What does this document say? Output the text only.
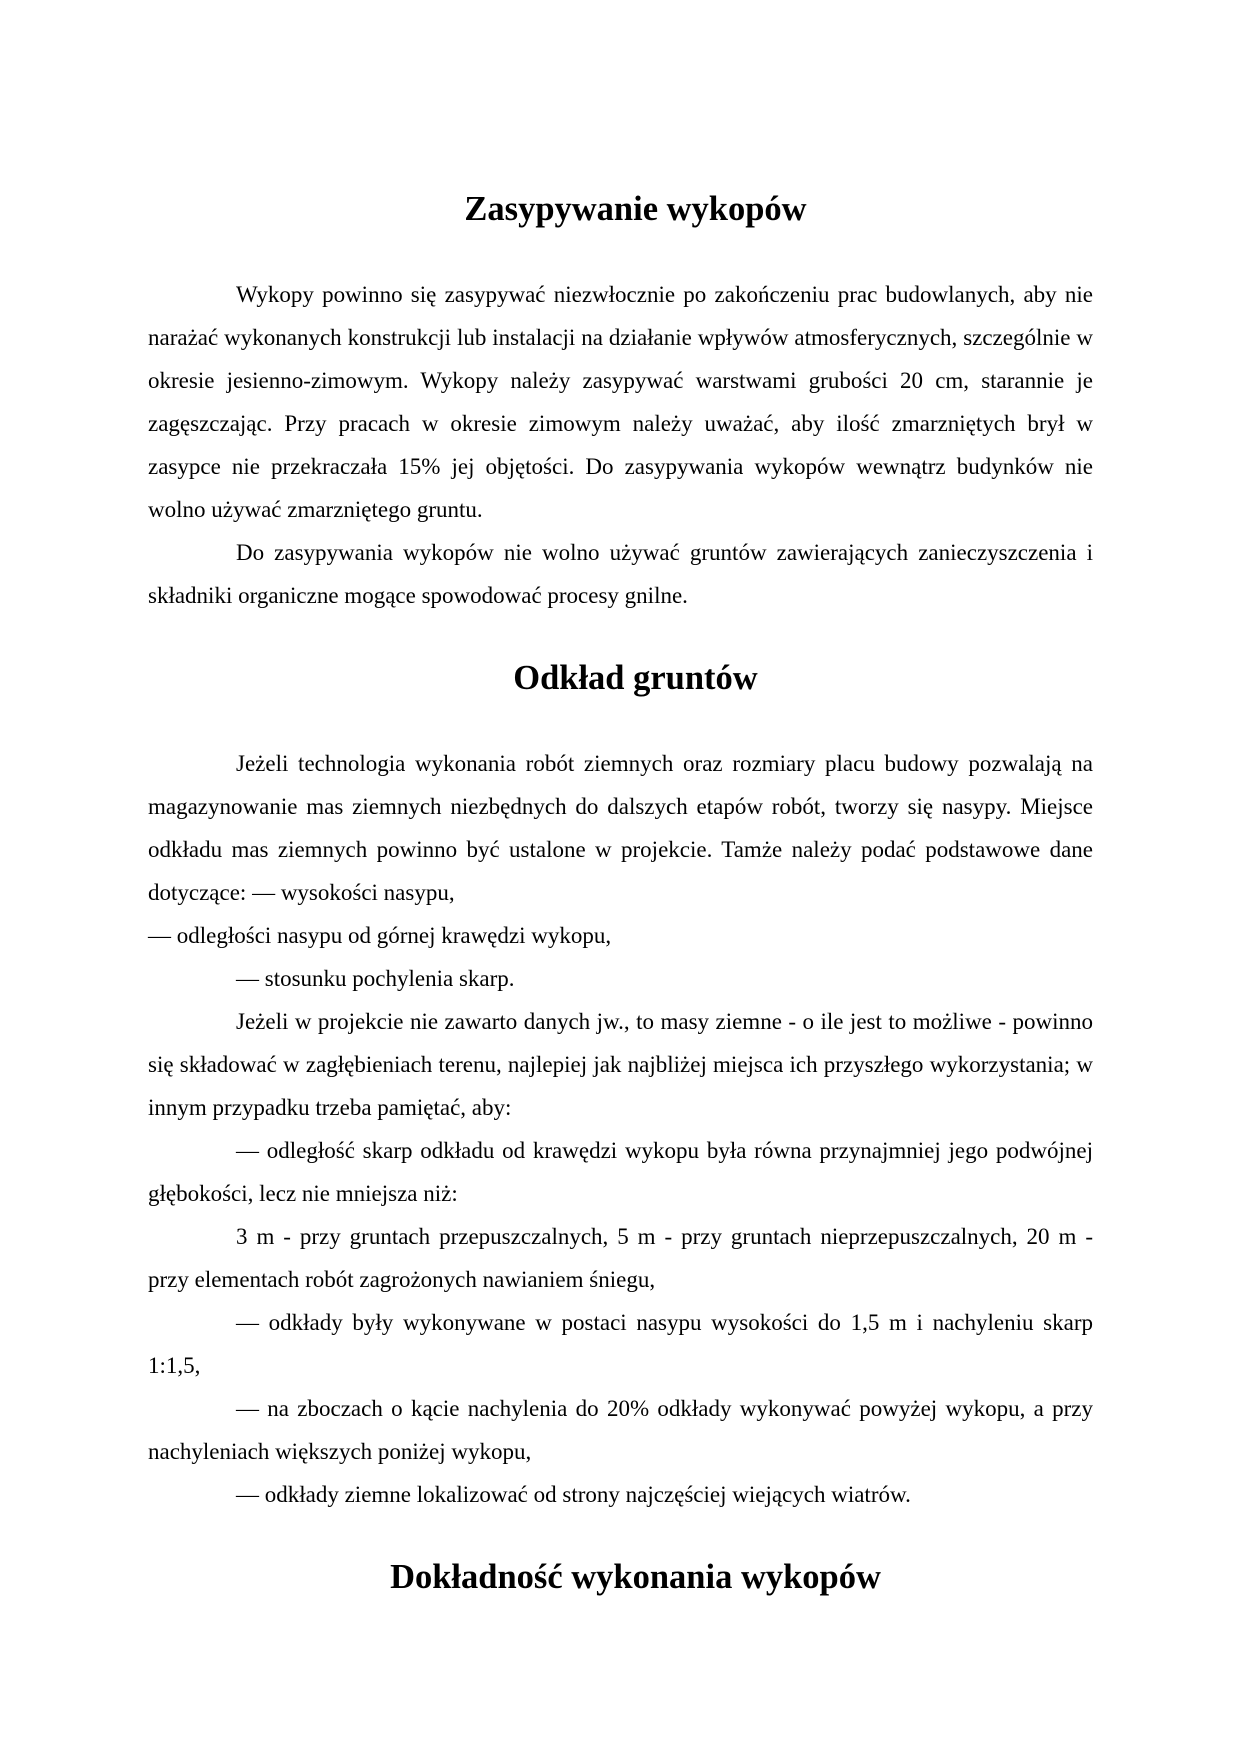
Zasypywanie wykopów

Wykopy powinno się zasypywać niezwłocznie po zakończeniu prac budowlanych, aby nie narażać wykonanych konstrukcji lub instalacji na działanie wpływów atmosferycznych, szczególnie w okresie jesienno-zimowym. Wykopy należy zasypywać warstwami grubości 20 cm, starannie je zagęszczając. Przy pracach w okresie zimowym należy uważać, aby ilość zmarzniętych brył w zasypce nie przekraczała 15% jej objętości. Do zasypywania wykopów wewnątrz budynków nie wolno używać zmarzniętego gruntu.

Do zasypywania wykopów nie wolno używać gruntów zawierających zanieczyszczenia i składniki organiczne mogące spowodować procesy gnilne.

Odkład gruntów

Jeżeli technologia wykonania robót ziemnych oraz rozmiary placu budowy pozwalają na magazynowanie mas ziemnych niezbędnych do dalszych etapów robót, tworzy się nasypy. Miejsce odkładu mas ziemnych powinno być ustalone w projekcie. Tamże należy podać podstawowe dane dotyczące: — wysokości nasypu,

— odległości nasypu od górnej krawędzi wykopu,

— stosunku pochylenia skarp.

Jeżeli w projekcie nie zawarto danych jw., to masy ziemne - o ile jest to możliwe - powinno się składować w zagłębieniach terenu, najlepiej jak najbliżej miejsca ich przyszłego wykorzystania; w innym przypadku trzeba pamiętać, aby:

— odległość skarp odkładu od krawędzi wykopu była równa przynajmniej jego podwójnej głębokości, lecz nie mniejsza niż:

3 m - przy gruntach przepuszczalnych, 5 m - przy gruntach nieprzepuszczalnych, 20 m - przy elementach robót zagrożonych nawianiem śniegu,

— odkłady były wykonywane w postaci nasypu wysokości do 1,5 m i nachyleniu skarp 1:1,5,

— na zboczach o kącie nachylenia do 20% odkłady wykonywać powyżej wykopu, a przy nachyleniach większych poniżej wykopu,

— odkłady ziemne lokalizować od strony najczęściej wiejących wiatrów.

Dokładność wykonania wykopów
